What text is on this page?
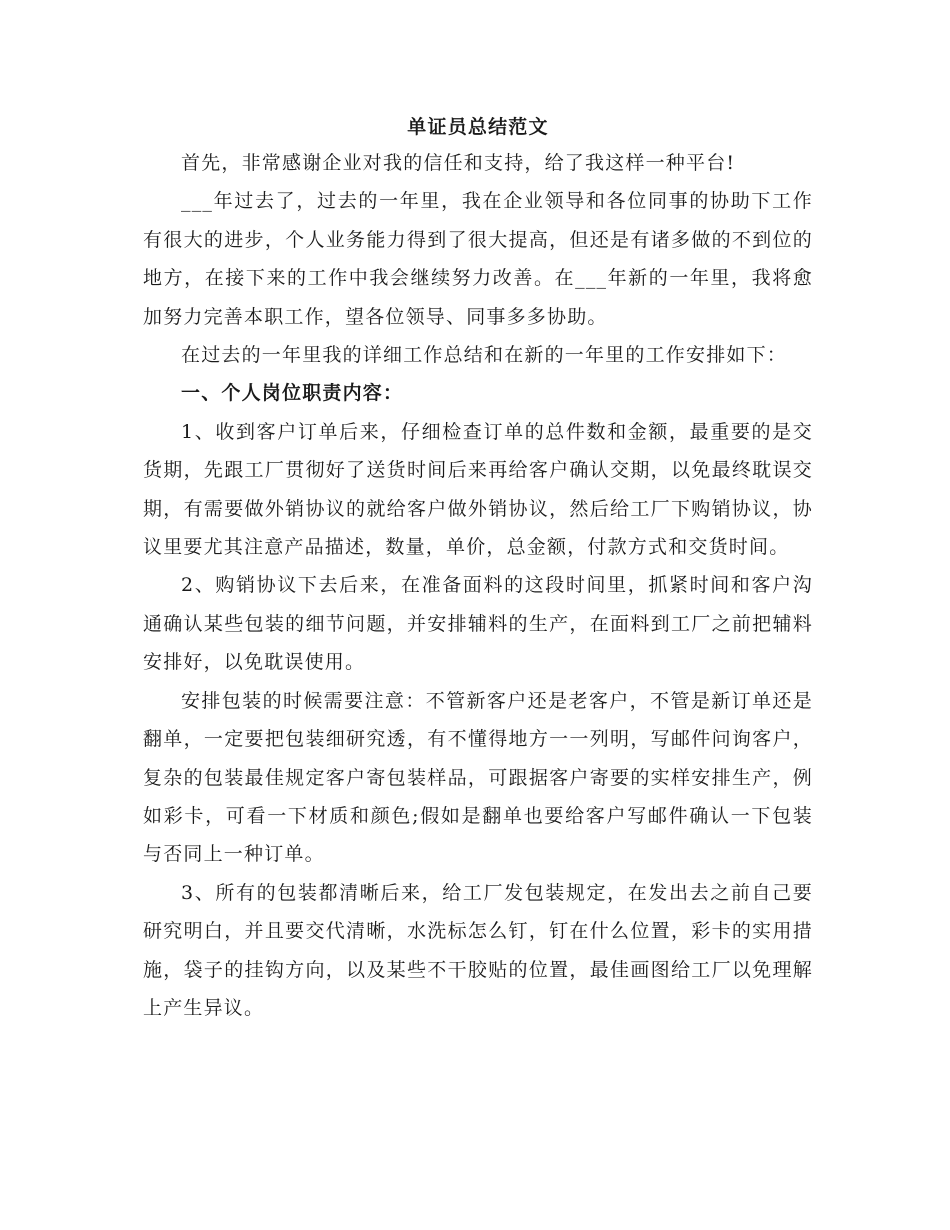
单证员总结范文

首先，非常感谢企业对我的信任和支持，给了我这样一种平台!

___年过去了，过去的一年里，我在企业领导和各位同事的协助下工作有很大的进步，个人业务能力得到了很大提高，但还是有诸多做的不到位的地方，在接下来的工作中我会继续努力改善。在___年新的一年里，我将愈加努力完善本职工作，望各位领导、同事多多协助。

在过去的一年里我的详细工作总结和在新的一年里的工作安排如下：

一、个人岗位职责内容：

1、收到客户订单后来，仔细检查订单的总件数和金额，最重要的是交货期，先跟工厂贯彻好了送货时间后来再给客户确认交期，以免最终耽误交期，有需要做外销协议的就给客户做外销协议，然后给工厂下购销协议，协议里要尤其注意产品描述，数量，单价，总金额，付款方式和交货时间。

2、购销协议下去后来，在准备面料的这段时间里，抓紧时间和客户沟通确认某些包装的细节问题，并安排辅料的生产，在面料到工厂之前把辅料安排好，以免耽误使用。

安排包装的时候需要注意：不管新客户还是老客户，不管是新订单还是翻单，一定要把包装细研究透，有不懂得地方一一列明，写邮件问询客户，复杂的包装最佳规定客户寄包装样品，可跟据客户寄要的实样安排生产，例如彩卡，可看一下材质和颜色;假如是翻单也要给客户写邮件确认一下包装与否同上一种订单。

3、所有的包装都清晰后来，给工厂发包装规定，在发出去之前自己要研究明白，并且要交代清晰，水洗标怎么钉，钉在什么位置，彩卡的实用措施，袋子的挂钩方向，以及某些不干胶贴的位置，最佳画图给工厂以免理解上产生异议。
